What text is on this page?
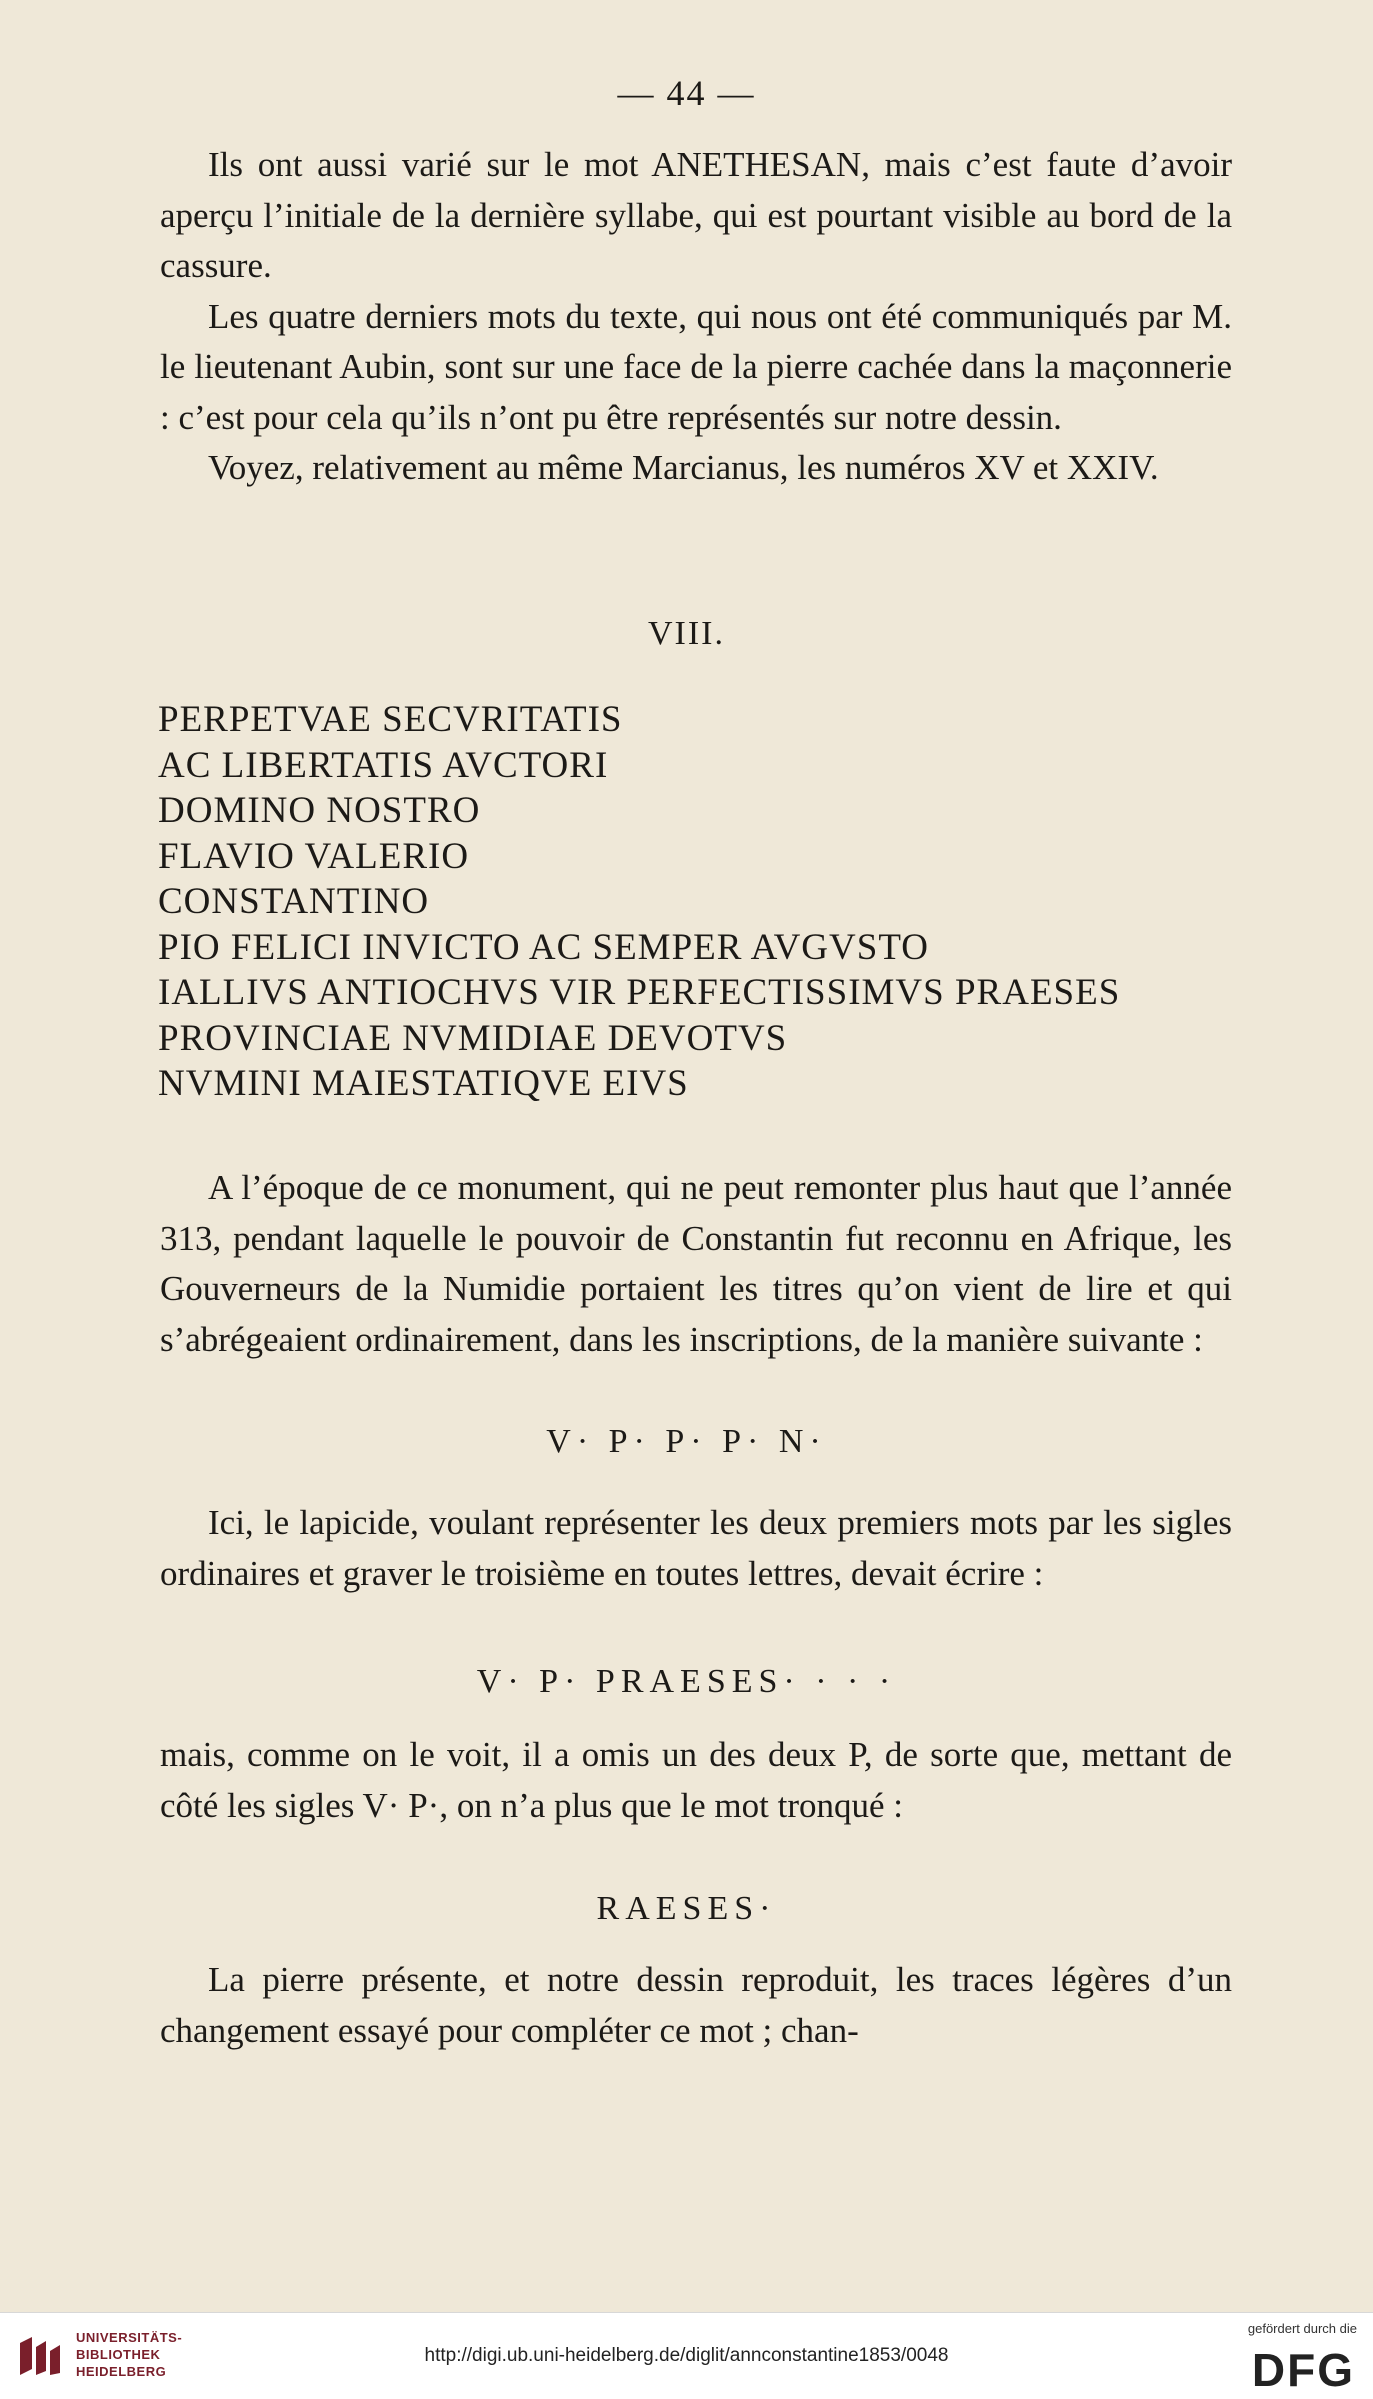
— 44 —

Ils ont aussi varié sur le mot ANETHESAN, mais c’est faute d’avoir aperçu l’initiale de la dernière syllabe, qui est pourtant visible au bord de la cassure.

Les quatre derniers mots du texte, qui nous ont été communiqués par M. le lieutenant Aubin, sont sur une face de la pierre cachée dans la maçonnerie : c’est pour cela qu’ils n’ont pu être représentés sur notre dessin.

Voyez, relativement au même Marcianus, les numéros XV et XXIV.

VIII.
PERPETVAE SECVRITATIS
AC LIBERTATIS AVCTORI
DOMINO NOSTRO
FLAVIO VALERIO
CONSTANTINO
PIO FELICI INVICTO AC SEMPER AVGVSTO
IALLIVS ANTIOCHVS VIR PERFECTISSIMVS PRAESES
PROVINCIAE NVMIDIAE DEVOTVS
NVMINI MAIESTATIQVE EIVS

A l’époque de ce monument, qui ne peut remonter plus haut que l’année 313, pendant laquelle le pouvoir de Constantin fut reconnu en Afrique, les Gouverneurs de la Numidie portaient les titres qu’on vient de lire et qui s’abrégeaient ordinairement, dans les inscriptions, de la manière suivante :

V· P· P· P· N·

Ici, le lapicide, voulant représenter les deux premiers mots par les sigles ordinaires et graver le troisième en toutes lettres, devait écrire :

V· P· PRAESES· · · ·

mais, comme on le voit, il a omis un des deux P, de sorte que, mettant de côté les sigles V· P·, on n’a plus que le mot tronqué :

RAESES·

La pierre présente, et notre dessin reproduit, les traces légères d’un changement essayé pour compléter ce mot ; chan-

UNIVERSITÄTS-
BIBLIOTHEK
HEIDELBERG
http://digi.ub.uni-heidelberg.de/diglit/annconstantine1853/0048
gefördert durch die
DFG
